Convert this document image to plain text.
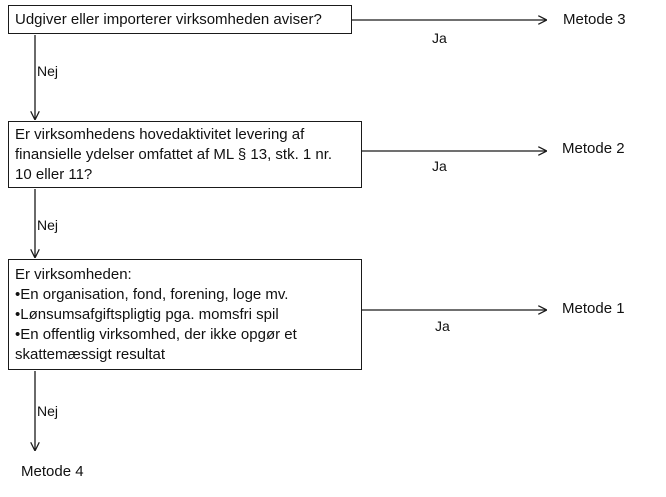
Udgiver eller importerer virksomheden aviser?
Ja
Metode 3
Nej
Er virksomhedens hovedaktivitet levering af
finansielle ydelser omfattet af ML § 13, stk. 1 nr.
10 eller 11?	Ja
Metode 2
Nej
Er virksomheden:
•En organisation, fond, forening, loge mv.
•Lønsumsafgiftspligtig pga. momsfri spil
•En offentlig virksomhed, der ikke opgør et
skattemæssigt resultat
Ja
Metode 1
Nej
Metode 4
